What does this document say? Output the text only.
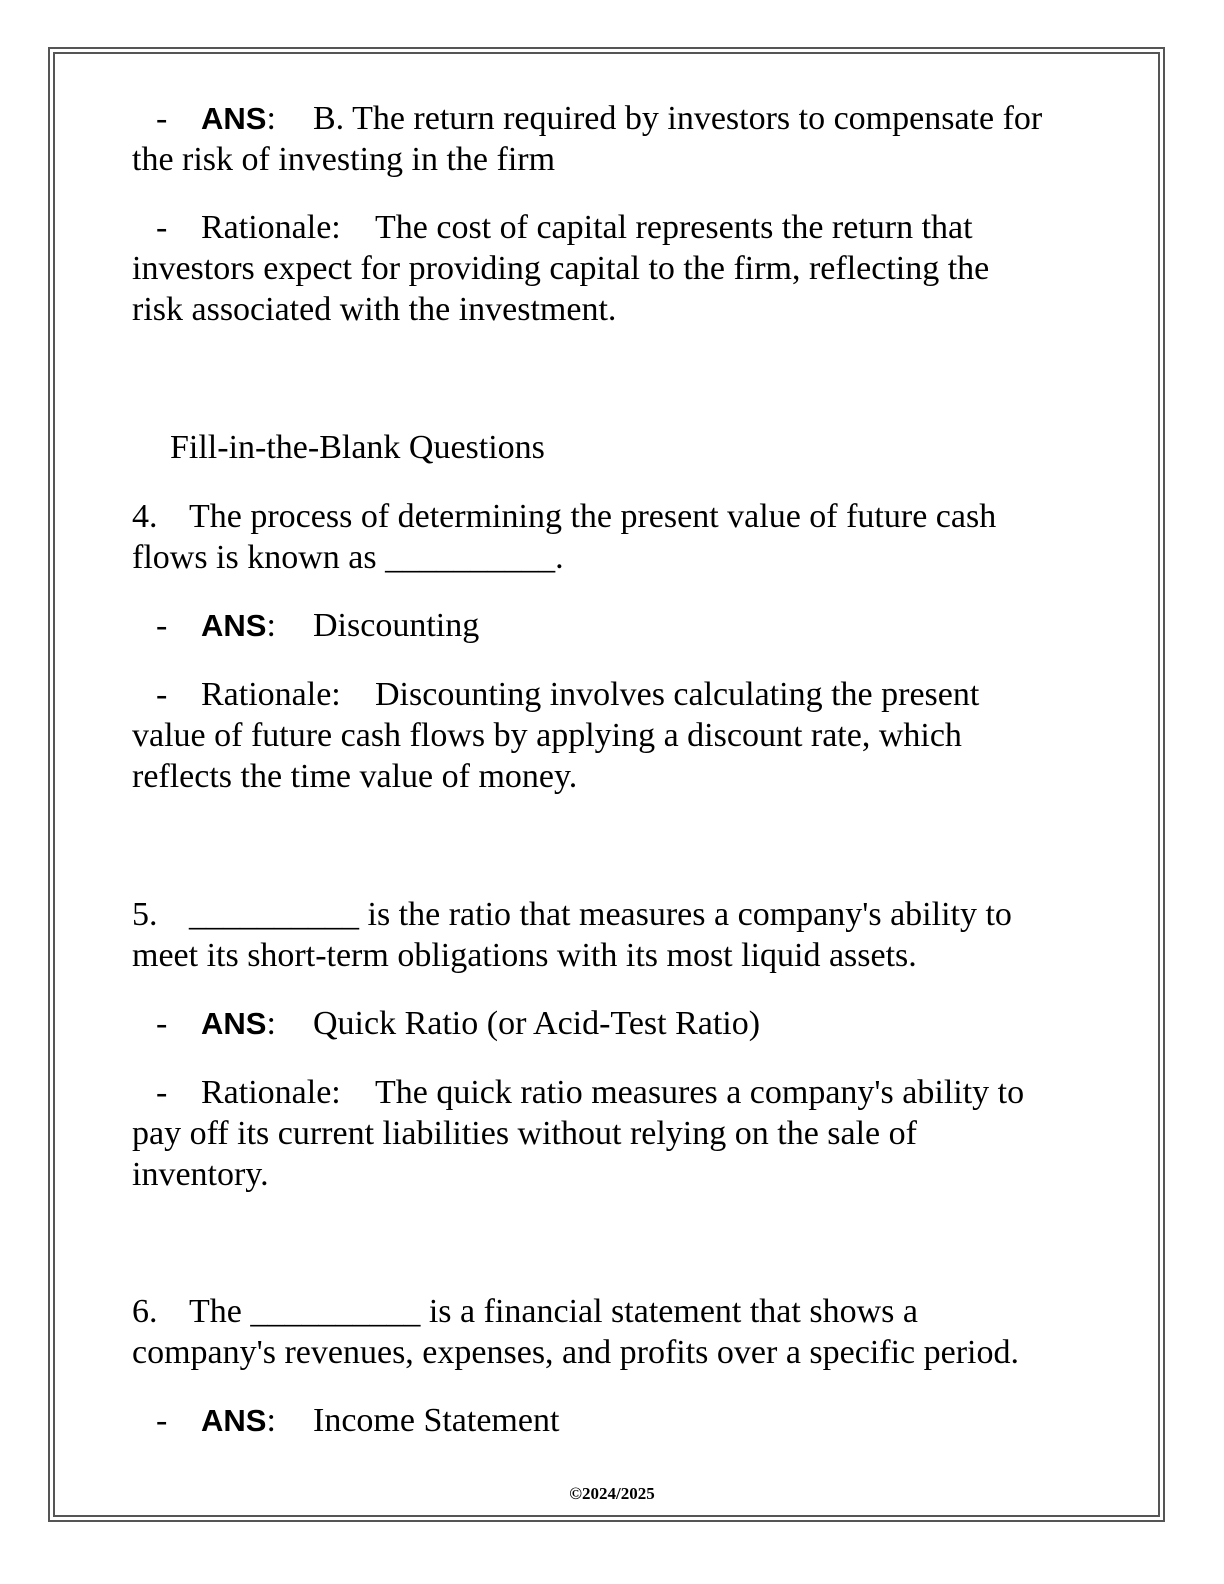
- ANS: B. The return required by investors to compensate for
the risk of investing in the firm
- Rationale: The cost of capital represents the return that
investors expect for providing capital to the firm, reflecting the
risk associated with the investment.
Fill-in-the-Blank Questions
4. The process of determining the present value of future cash
flows is known as __________.
- ANS: Discounting
- Rationale: Discounting involves calculating the present
value of future cash flows by applying a discount rate, which
reflects the time value of money.
5. __________ is the ratio that measures a company's ability to
meet its short-term obligations with its most liquid assets.
- ANS: Quick Ratio (or Acid-Test Ratio)
- Rationale: The quick ratio measures a company's ability to
pay off its current liabilities without relying on the sale of
inventory.
6. The __________ is a financial statement that shows a
company's revenues, expenses, and profits over a specific period.
- ANS: Income Statement
©2024/2025
